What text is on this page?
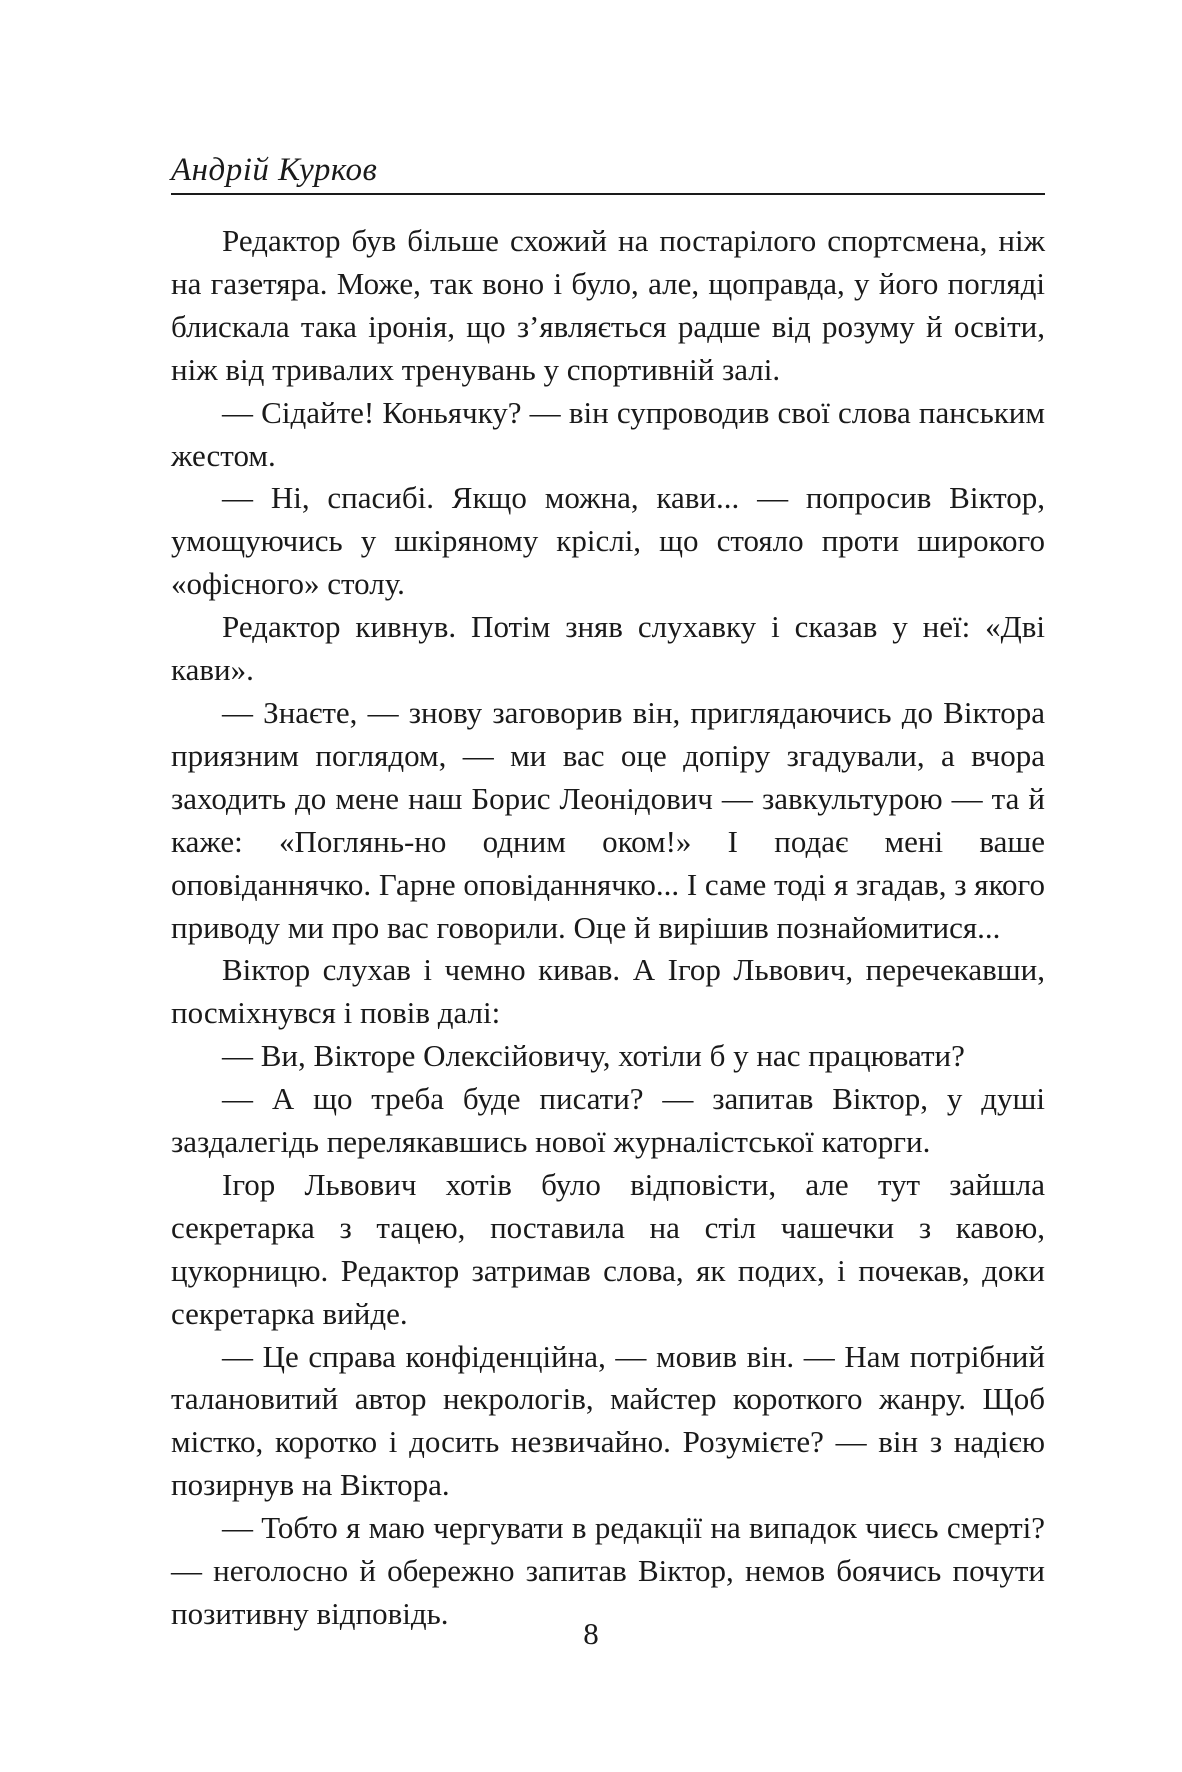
Андрій Курков

Редактор був більше схожий на постарілого спортсмена, ніж на газетяра. Може, так воно і було, але, щоправда, у його погляді блискала така іронія, що з’являється радше від розуму й освіти, ніж від тривалих тренувань у спортивній залі.

— Сідайте! Коньячку? — він супроводив свої слова панським жестом.

— Ні, спасибі. Якщо можна, кави... — попросив Віктор, умощуючись у шкіряному кріслі, що стояло проти широкого «офісного» столу.

Редактор кивнув. Потім зняв слухавку і сказав у неї: «Дві кави».

— Знаєте, — знову заговорив він, приглядаючись до Віктора приязним поглядом, — ми вас оце допіру згадували, а вчора заходить до мене наш Борис Леонідович — завкультурою — та й каже: «Поглянь-но одним оком!» І подає мені ваше оповіданнячко. Гарне оповіданнячко... І саме тоді я згадав, з якого приводу ми про вас говорили. Оце й вирішив познайомитися...

Віктор слухав і чемно кивав. А Ігор Львович, перечекавши, посміхнувся і повів далі:

— Ви, Вікторе Олексійовичу, хотіли б у нас працювати?

— А що треба буде писати? — запитав Віктор, у душі заздалегідь перелякавшись нової журналістської каторги.

Ігор Львович хотів було відповісти, але тут зайшла секретарка з тацею, поставила на стіл чашечки з кавою, цукорницю. Редактор затримав слова, як подих, і почекав, доки секретарка вийде.

— Це справа конфіденційна, — мовив він. — Нам потрібний талановитий автор некрологів, майстер короткого жанру. Щоб містко, коротко і досить незвичайно. Розумієте? — він з надією позирнув на Віктора.

— Тобто я маю чергувати в редакції на випадок чиєсь смерті? — неголосно й обережно запитав Віктор, немов боячись почути позитивну відповідь.

8
